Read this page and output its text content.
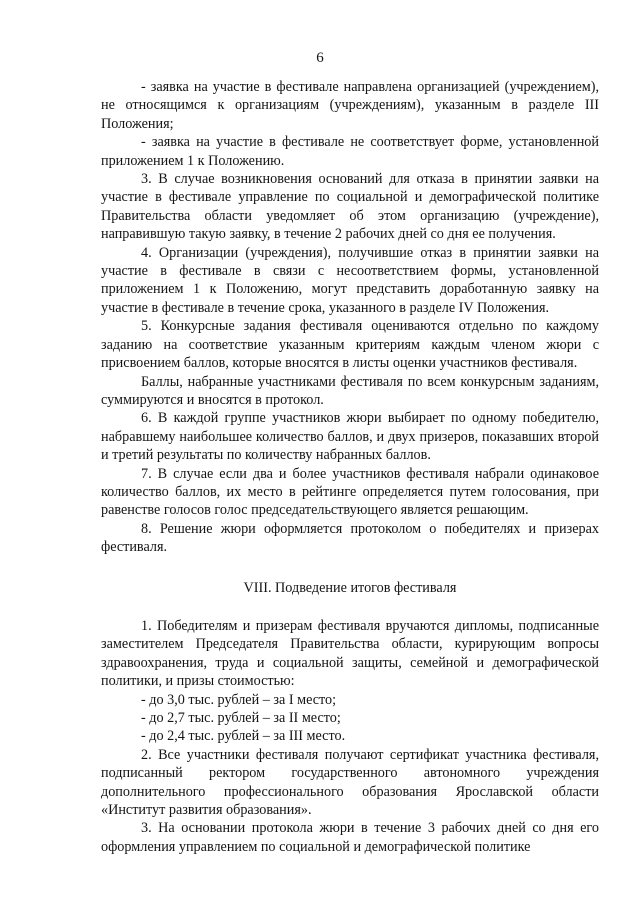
6

- заявка на участие в фестивале направлена организацией (учреждением), не относящимся к организациям (учреждениям), указанным в разделе III Положения;

- заявка на участие в фестивале не соответствует форме, установленной приложением 1 к Положению.

3. В случае возникновения оснований для отказа в принятии заявки на участие в фестивале управление по социальной и демографической политике Правительства области уведомляет об этом организацию (учреждение), направившую такую заявку, в течение 2 рабочих дней со дня ее получения.

4. Организации (учреждения), получившие отказ в принятии заявки на участие в фестивале в связи с несоответствием формы, установленной приложением 1 к Положению, могут представить доработанную заявку на участие в фестивале в течение срока, указанного в разделе IV Положения.

5. Конкурсные задания фестиваля оцениваются отдельно по каждому заданию на соответствие указанным критериям каждым членом жюри с присвоением баллов, которые вносятся в листы оценки участников фестиваля.

Баллы, набранные участниками фестиваля по всем конкурсным заданиям, суммируются и вносятся в протокол.

6. В каждой группе участников жюри выбирает по одному победителю, набравшему наибольшее количество баллов, и двух призеров, показавших второй и третий результаты по количеству набранных баллов.

7. В случае если два и более участников фестиваля набрали одинаковое количество баллов, их место в рейтинге определяется путем голосования, при равенстве голосов голос председательствующего является решающим.

8. Решение жюри оформляется протоколом о победителях и призерах фестиваля.

VIII. Подведение итогов фестиваля

1. Победителям и призерам фестиваля вручаются дипломы, подписанные заместителем Председателя Правительства области, курирующим вопросы здравоохранения, труда и социальной защиты, семейной и демографической политики, и призы стоимостью:

- до 3,0 тыс. рублей – за I место;

- до 2,7 тыс. рублей – за II место;

- до 2,4 тыс. рублей – за III место.

2. Все участники фестиваля получают сертификат участника фестиваля, подписанный ректором государственного автономного учреждения дополнительного профессионального образования Ярославской области «Институт развития образования».

3. На основании протокола жюри в течение 3 рабочих дней со дня его оформления управлением по социальной и демографической политике
